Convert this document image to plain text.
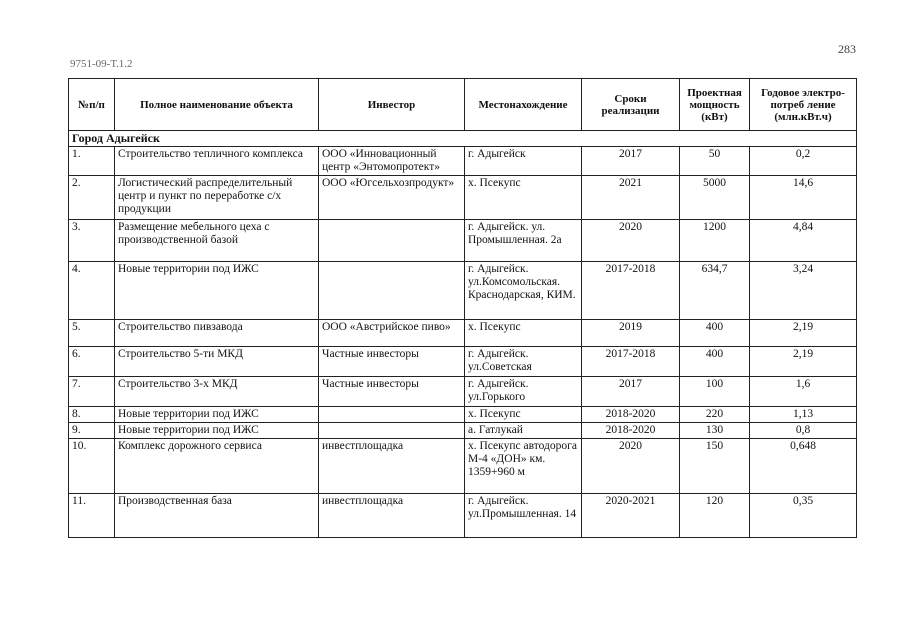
283
9751-09-Т.1.2
№п/п	Полное наименование объекта	Инвестор	Местонахождение	Сроки реализации	Проектная мощность (кВт)	Годовое электро-потреб ление (млн.кВт.ч)
Город Адыгейск						
1.	Строительство тепличного комплекса	ООО «Инновационный центр «Энтомопротект»	г. Адыгейск	2017	50	0,2
2.	Логистический распределительный центр и пункт по переработке с/х продукции	ООО «Югсельхозпродукт»	х. Псекупс	2021	5000	14,6
3.	Размещение мебельного цеха с производственной базой		г. Адыгейск. ул. Промышленная. 2а	2020	1200	4,84
4.	Новые территории под ИЖС		г. Адыгейск. ул.Комсомольская. Краснодарская, КИМ.	2017-2018	634,7	3,24
5.	Строительство пивзавода	ООО «Австрийское пиво»	х. Псекупс	2019	400	2,19
6.	Строительство 5-ти МКД	Частные инвесторы	г. Адыгейск. ул.Советская	2017-2018	400	2,19
7.	Строительство 3-х МКД	Частные инвесторы	г. Адыгейск. ул.Горького	2017	100	1,6
8.	Новые территории под ИЖС		х. Псекупс	2018-2020	220	1,13
9.	Новые территории под ИЖС		а. Гатлукай	2018-2020	130	0,8
10.	Комплекс дорожного сервиса	инвестплощадка	х. Псекупс автодорога М-4 «ДОН» км. 1359+960 м	2020	150	0,648
11.	Производственная база	инвестплощадка	г. Адыгейск. ул.Промышленная. 14	2020-2021	120	0,35
